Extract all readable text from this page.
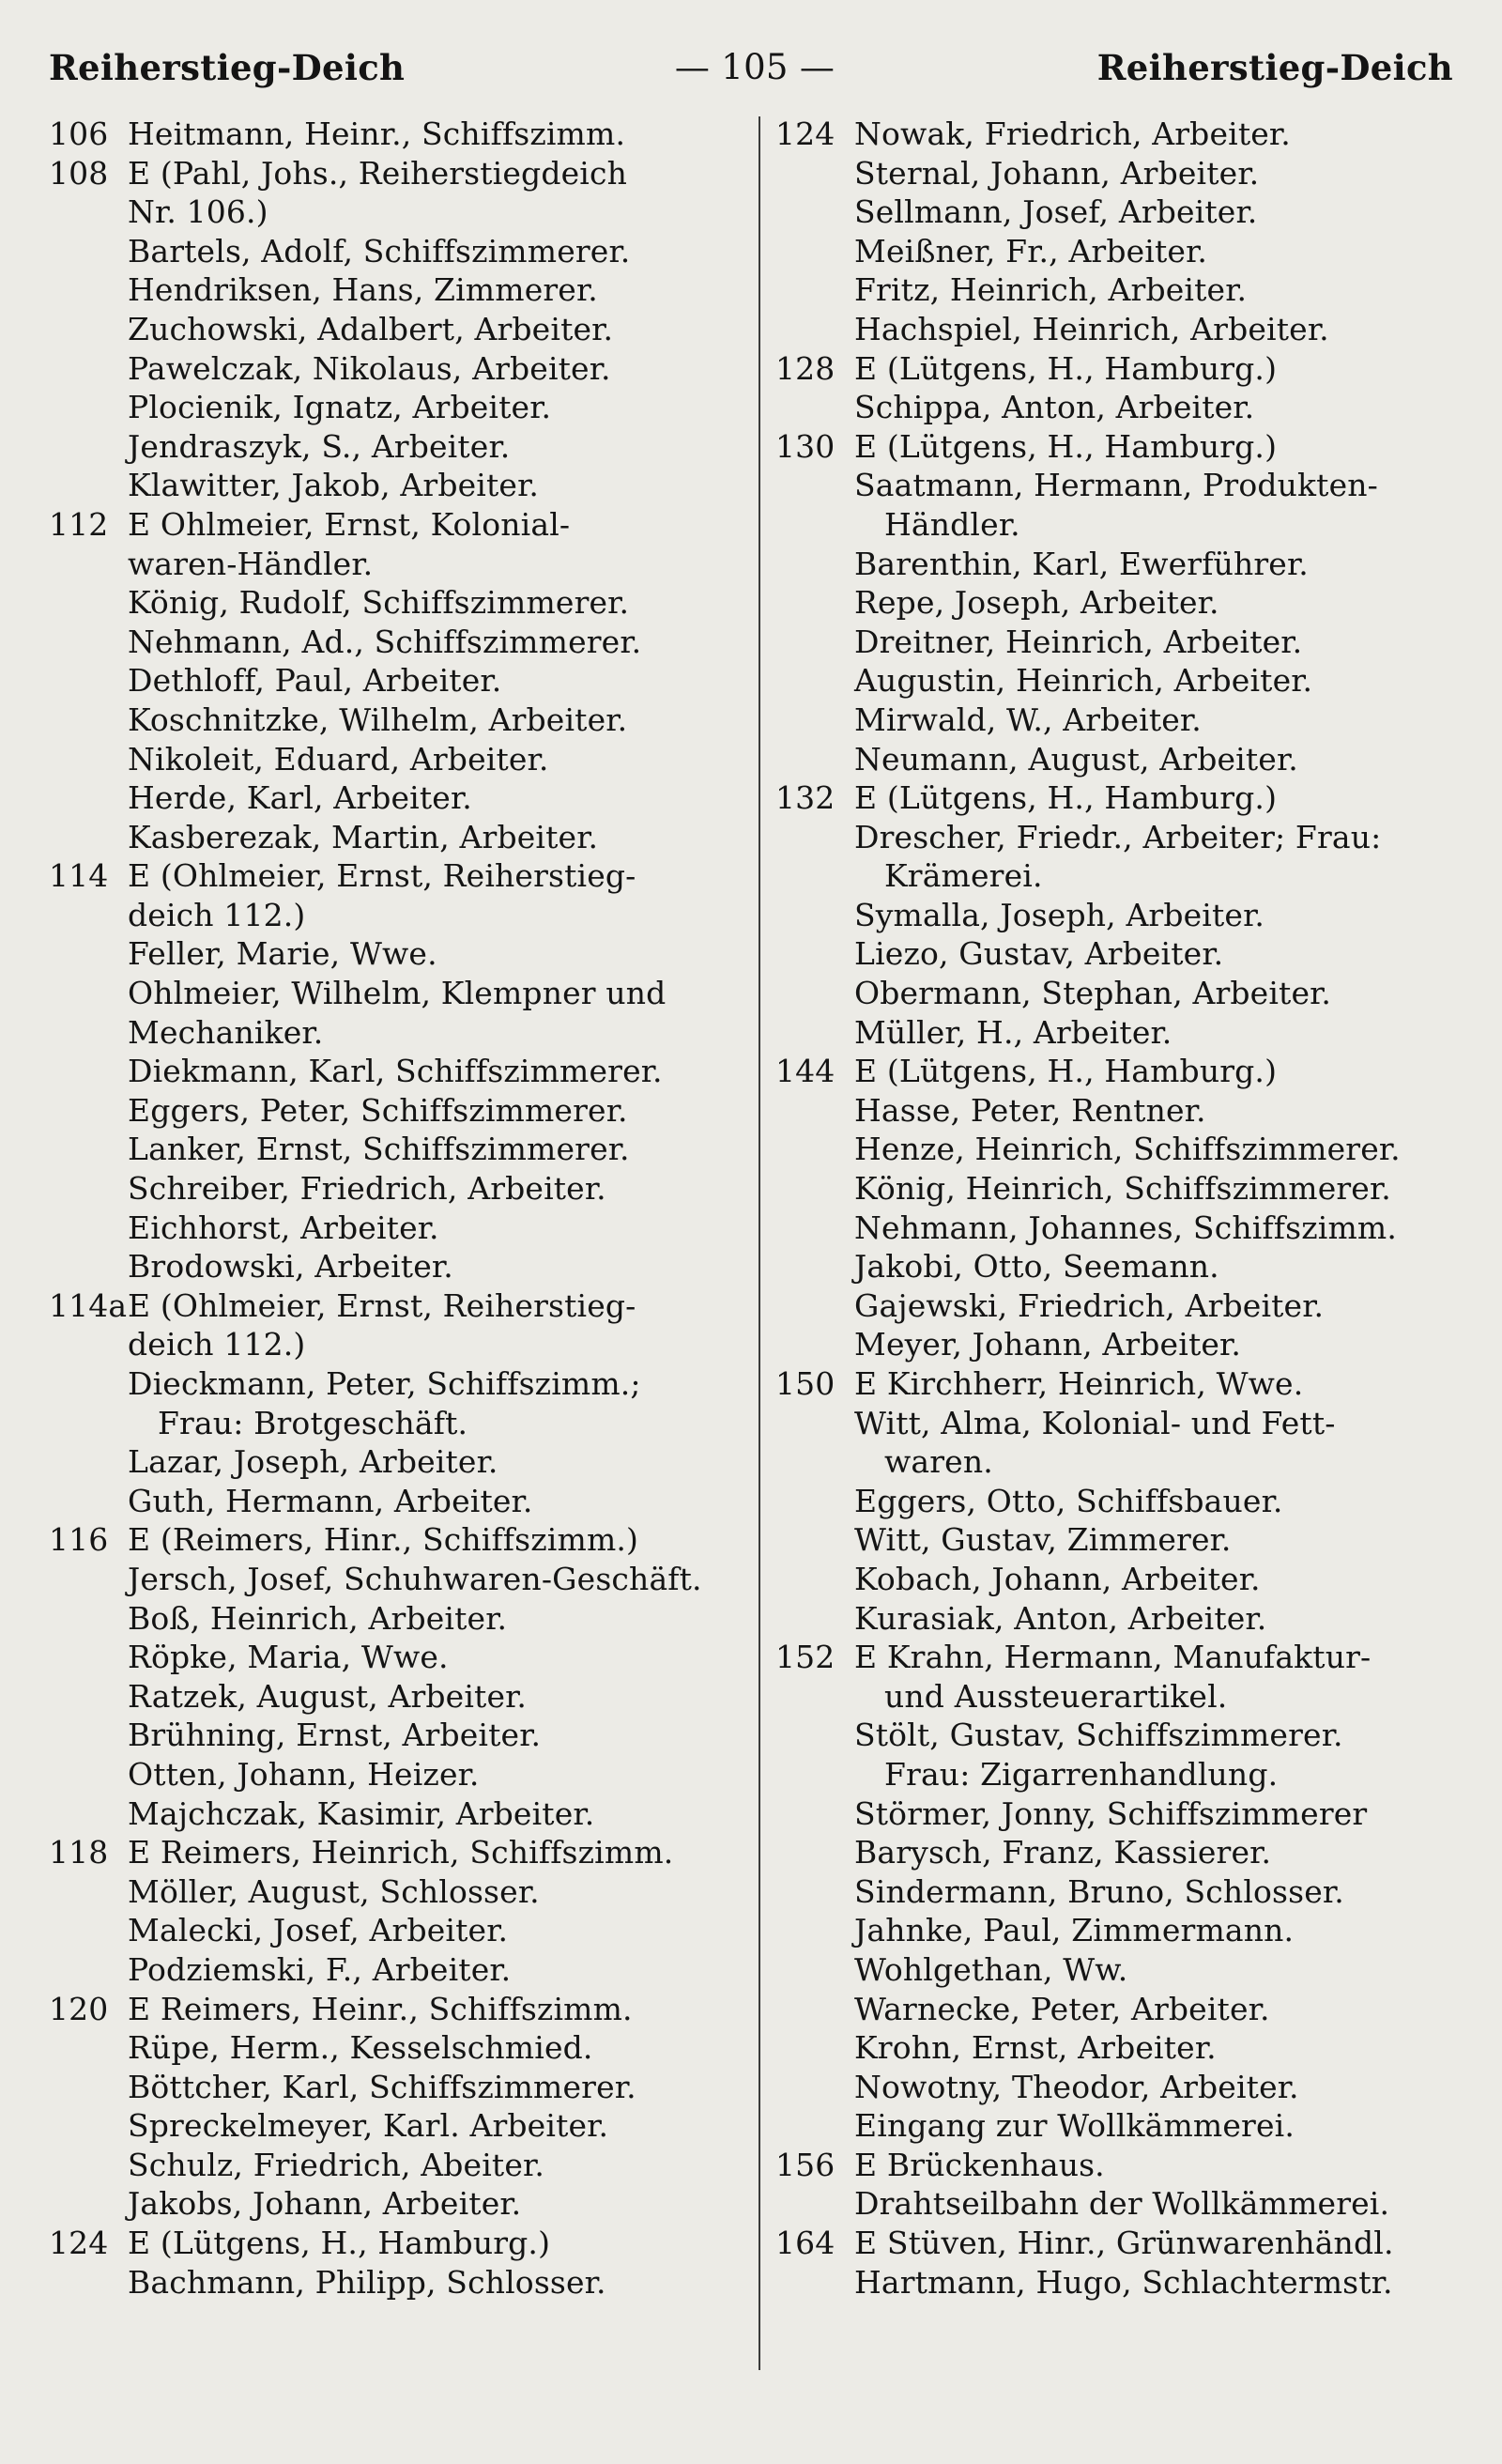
Reiherstieg-Deich	— 105 —	Reiherstieg-Deich
106 Heitmann, Heinr., Schiffszimm.
108 E (Pahl, Johs., Reiherstiegdeich
Nr. 106.)
Bartels, Adolf, Schiffszimmerer.
Hendriksen, Hans, Zimmerer.
Zuchowski, Adalbert, Arbeiter.
Pawelczak, Nikolaus, Arbeiter.
Plocienik, Ignatz, Arbeiter.
Jendraszyk, S., Arbeiter.
Klawitter, Jakob, Arbeiter.
112 E Ohlmeier, Ernst, Kolonial-
waren-Händler.
König, Rudolf, Schiffszimmerer.
Nehmann, Ad., Schiffszimmerer.
Dethloff, Paul, Arbeiter.
Koschnitzke, Wilhelm, Arbeiter.
Nikoleit, Eduard, Arbeiter.
Herde, Karl, Arbeiter.
Kasberezak, Martin, Arbeiter.
114 E (Ohlmeier, Ernst, Reiherstieg-
deich 112.)
Feller, Marie, Wwe.
Ohlmeier, Wilhelm, Klempner und
Mechaniker.
Diekmann, Karl, Schiffszimmerer.
Eggers, Peter, Schiffszimmerer.
Lanker, Ernst, Schiffszimmerer.
Schreiber, Friedrich, Arbeiter.
Eichhorst, Arbeiter.
Brodowski, Arbeiter.
114aE (Ohlmeier, Ernst, Reiherstieg-
deich 112.)
Dieckmann, Peter, Schiffszimm.;
Frau: Brotgeschäft.
Lazar, Joseph, Arbeiter.
Guth, Hermann, Arbeiter.
116 E (Reimers, Hinr., Schiffszimm.)
Jersch, Josef, Schuhwaren-Geschäft.
Boß, Heinrich, Arbeiter.
Röpke, Maria, Wwe.
Ratzek, August, Arbeiter.
Brühning, Ernst, Arbeiter.
Otten, Johann, Heizer.
Majchczak, Kasimir, Arbeiter.
118 E Reimers, Heinrich, Schiffszimm.
Möller, August, Schlosser.
Malecki, Josef, Arbeiter.
Podziemski, F., Arbeiter.
120 E Reimers, Heinr., Schiffszimm.
Rüpe, Herm., Kesselschmied.
Böttcher, Karl, Schiffszimmerer.
Spreckelmeyer, Karl. Arbeiter.
Schulz, Friedrich, Abeiter.
Jakobs, Johann, Arbeiter.
124 E (Lütgens, H., Hamburg.)
Bachmann, Philipp, Schlosser.
124 Nowak, Friedrich, Arbeiter.
Sternal, Johann, Arbeiter.
Sellmann, Josef, Arbeiter.
Meißner, Fr., Arbeiter.
Fritz, Heinrich, Arbeiter.
Hachspiel, Heinrich, Arbeiter.
128 E (Lütgens, H., Hamburg.)
Schippa, Anton, Arbeiter.
130 E (Lütgens, H., Hamburg.)
Saatmann, Hermann, Produkten-
Händler.
Barenthin, Karl, Ewerführer.
Repe, Joseph, Arbeiter.
Dreitner, Heinrich, Arbeiter.
Augustin, Heinrich, Arbeiter.
Mirwald, W., Arbeiter.
Neumann, August, Arbeiter.
132 E (Lütgens, H., Hamburg.)
Drescher, Friedr., Arbeiter; Frau:
Krämerei.
Symalla, Joseph, Arbeiter.
Liezo, Gustav, Arbeiter.
Obermann, Stephan, Arbeiter.
Müller, H., Arbeiter.
144 E (Lütgens, H., Hamburg.)
Hasse, Peter, Rentner.
Henze, Heinrich, Schiffszimmerer.
König, Heinrich, Schiffszimmerer.
Nehmann, Johannes, Schiffszimm.
Jakobi, Otto, Seemann.
Gajewski, Friedrich, Arbeiter.
Meyer, Johann, Arbeiter.
150 E Kirchherr, Heinrich, Wwe.
Witt, Alma, Kolonial- und Fett-
waren.
Eggers, Otto, Schiffsbauer.
Witt, Gustav, Zimmerer.
Kobach, Johann, Arbeiter.
Kurasiak, Anton, Arbeiter.
152 E Krahn, Hermann, Manufaktur-
und Aussteuerartikel.
Stölt, Gustav, Schiffszimmerer.
Frau: Zigarrenhandlung.
Störmer, Jonny, Schiffszimmerer
Barysch, Franz, Kassierer.
Sindermann, Bruno, Schlosser.
Jahnke, Paul, Zimmermann.
Wohlgethan, Ww.
Warnecke, Peter, Arbeiter.
Krohn, Ernst, Arbeiter.
Nowotny, Theodor, Arbeiter.
Eingang zur Wollkämmerei.
156 E Brückenhaus.
Drahtseilbahn der Wollkämmerei.
164 E Stüven, Hinr., Grünwarenhändl.
Hartmann, Hugo, Schlachtermstr.
